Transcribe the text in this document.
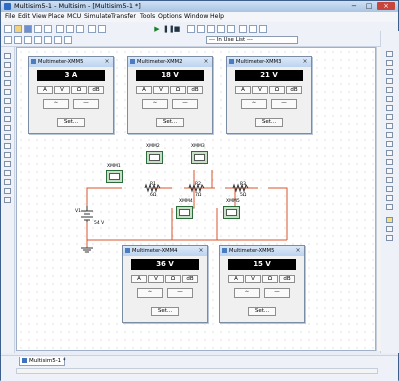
Multisim5-1 - Multisim - [Multisim5-1 *]	−	□	×
File Edit View Place MCU Simulate Transfer Tools Options Window Help
▶ ❚❚
■
--- In Use List ---
XMM1
XMM2	XMM3
XMM4	XMM5
R1
6Ω
R2
7Ω
R3
5Ω
V1
54 V
Multimeter-XMM5	×
3 A
A	V	Ω	dB
∼	—
Set...
Multimeter-XMM2	×
18 V
A	V	Ω	dB
∼	—
Set...
Multimeter-XMM3	×
21 V
A	V	Ω	dB
∼	—
Set...
Multimeter-XMM4	×
36 V
A	V	Ω	dB
∼	—
Set...
Multimeter-XMM5	×
15 V
A	V	Ω	dB
∼	—
Set...
Multisim5-1 *
